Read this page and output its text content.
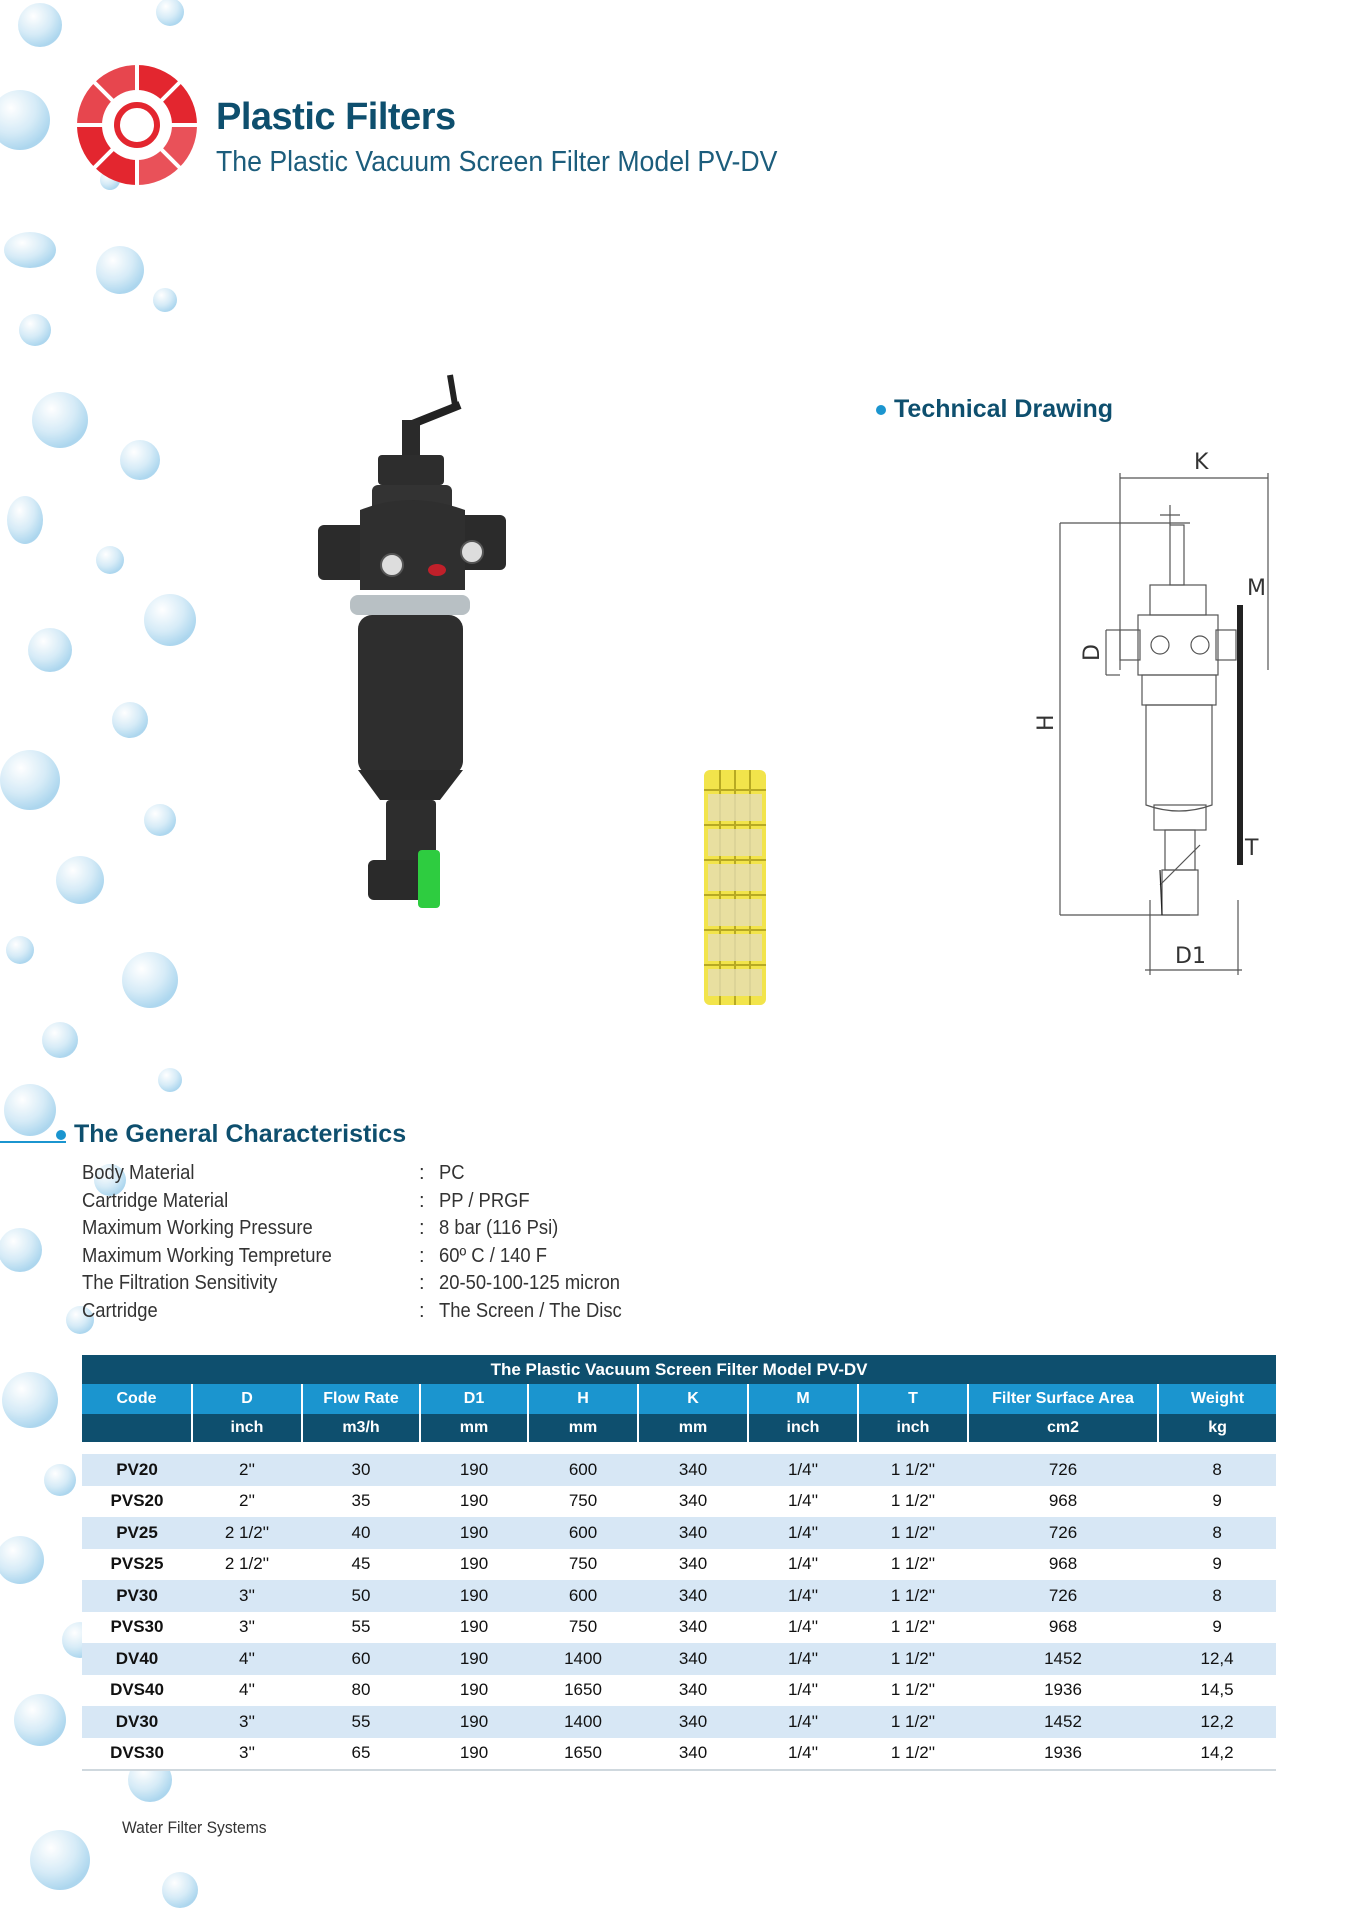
Plastic Filters
The Plastic Vacuum Screen Filter Model PV-DV
Technical Drawing
K
M
D
H
T
D1
The General Characteristics
Body Material	: PC
Cartridge Material	: PP / PRGF
Maximum Working Pressure	: 8 bar (116 Psi)
Maximum Working Tempreture	: 60º C / 140 F
The Filtration Sensitivity	: 20-50-100-125 micron
Cartridge	: The Screen / The Disc
The Plastic Vacuum Screen Filter Model PV-DV									
Code	D	Flow Rate	D1	H	K	M	T	Filter Surface Area	Weight
	inch	m3/h	mm	mm	mm	inch	inch	cm2	kg

PV20	2''	30	190	600	340	1/4''	1 1/2''	726	8
PVS20	2''	35	190	750	340	1/4''	1 1/2''	968	9
PV25	2 1/2''	40	190	600	340	1/4''	1 1/2''	726	8
PVS25	2 1/2''	45	190	750	340	1/4''	1 1/2''	968	9
PV30	3''	50	190	600	340	1/4''	1 1/2''	726	8
PVS30	3''	55	190	750	340	1/4''	1 1/2''	968	9
DV40	4''	60	190	1400	340	1/4''	1 1/2''	1452	12,4
DVS40	4''	80	190	1650	340	1/4''	1 1/2''	1936	14,5
DV30	3''	55	190	1400	340	1/4''	1 1/2''	1452	12,2
DVS30	3''	65	190	1650	340	1/4''	1 1/2''	1936	14,2
Water Filter Systems
